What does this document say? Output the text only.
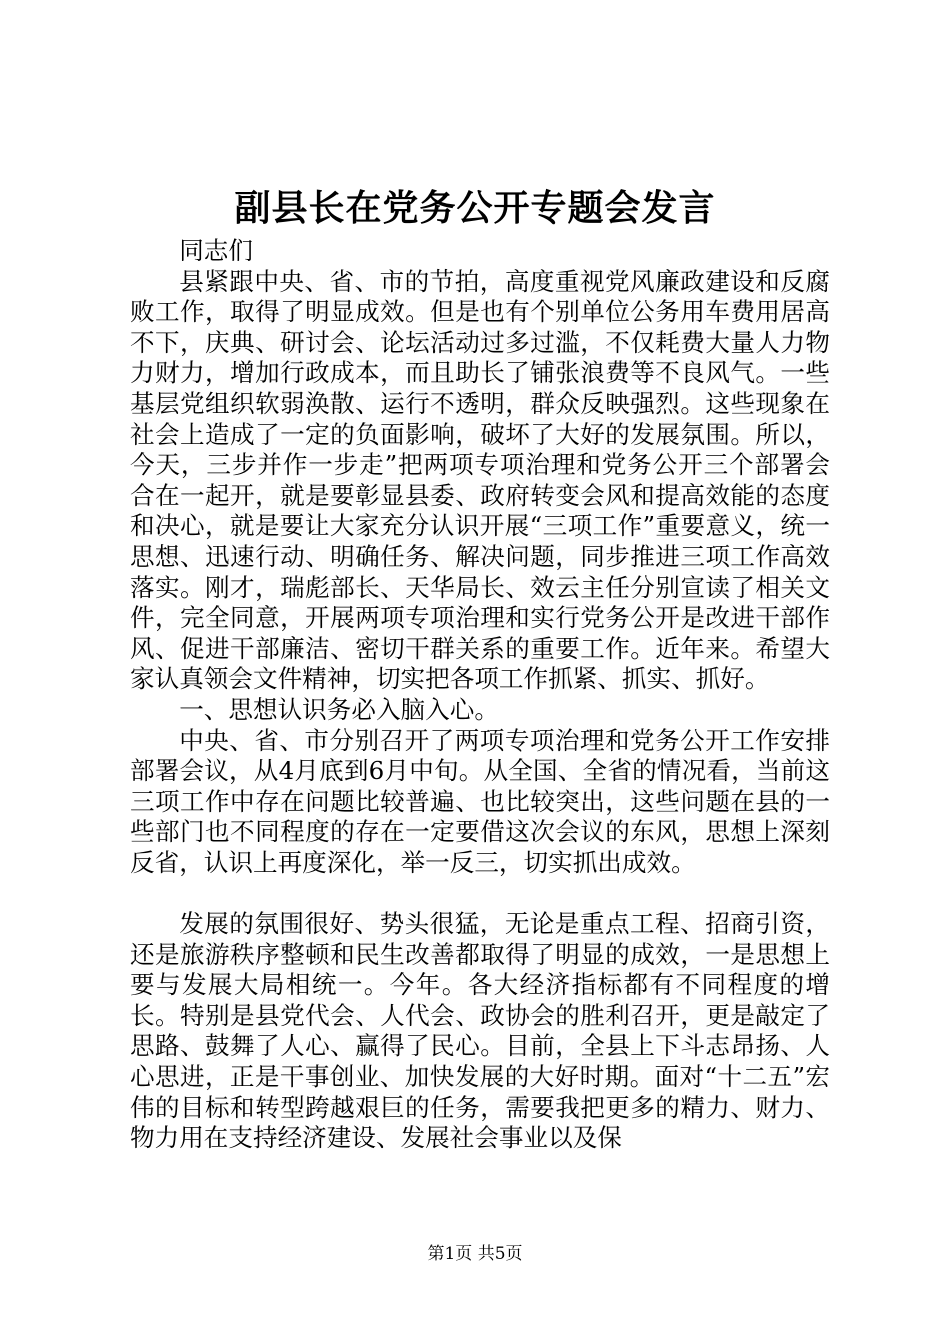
副县长在党务公开专题会发言

同志们

县紧跟中央、省、市的节拍，高度重视党风廉政建设和反腐败工作，取得了明显成效。但是也有个别单位公务用车费用居高不下，庆典、研讨会、论坛活动过多过滥，不仅耗费大量人力物力财力，增加行政成本，而且助长了铺张浪费等不良风气。一些基层党组织软弱涣散、运行不透明，群众反映强烈。这些现象在社会上造成了一定的负面影响，破坏了大好的发展氛围。所以，今天，三步并作一步走”把两项专项治理和党务公开三个部署会合在一起开，就是要彰显县委、政府转变会风和提高效能的态度和决心，就是要让大家充分认识开展“三项工作”重要意义，统一思想、迅速行动、明确任务、解决问题，同步推进三项工作高效落实。刚才，瑞彪部长、天华局长、效云主任分别宣读了相关文件，完全同意，开展两项专项治理和实行党务公开是改进干部作风、促进干部廉洁、密切干群关系的重要工作。近年来。希望大家认真领会文件精神，切实把各项工作抓紧、抓实、抓好。

一、思想认识务必入脑入心。

中央、省、市分别召开了两项专项治理和党务公开工作安排部署会议，从4月底到6月中旬。从全国、全省的情况看，当前这三项工作中存在问题比较普遍、也比较突出，这些问题在县的一些部门也不同程度的存在一定要借这次会议的东风，思想上深刻反省，认识上再度深化，举一反三，切实抓出成效。

发展的氛围很好、势头很猛，无论是重点工程、招商引资，还是旅游秩序整顿和民生改善都取得了明显的成效，一是思想上要与发展大局相统一。今年。各大经济指标都有不同程度的增长。特别是县党代会、人代会、政协会的胜利召开，更是敲定了思路、鼓舞了人心、赢得了民心。目前，全县上下斗志昂扬、人心思进，正是干事创业、加快发展的大好时期。面对“十二五”宏伟的目标和转型跨越艰巨的任务，需要我把更多的精力、财力、物力用在支持经济建设、发展社会事业以及保

第1页 共5页
